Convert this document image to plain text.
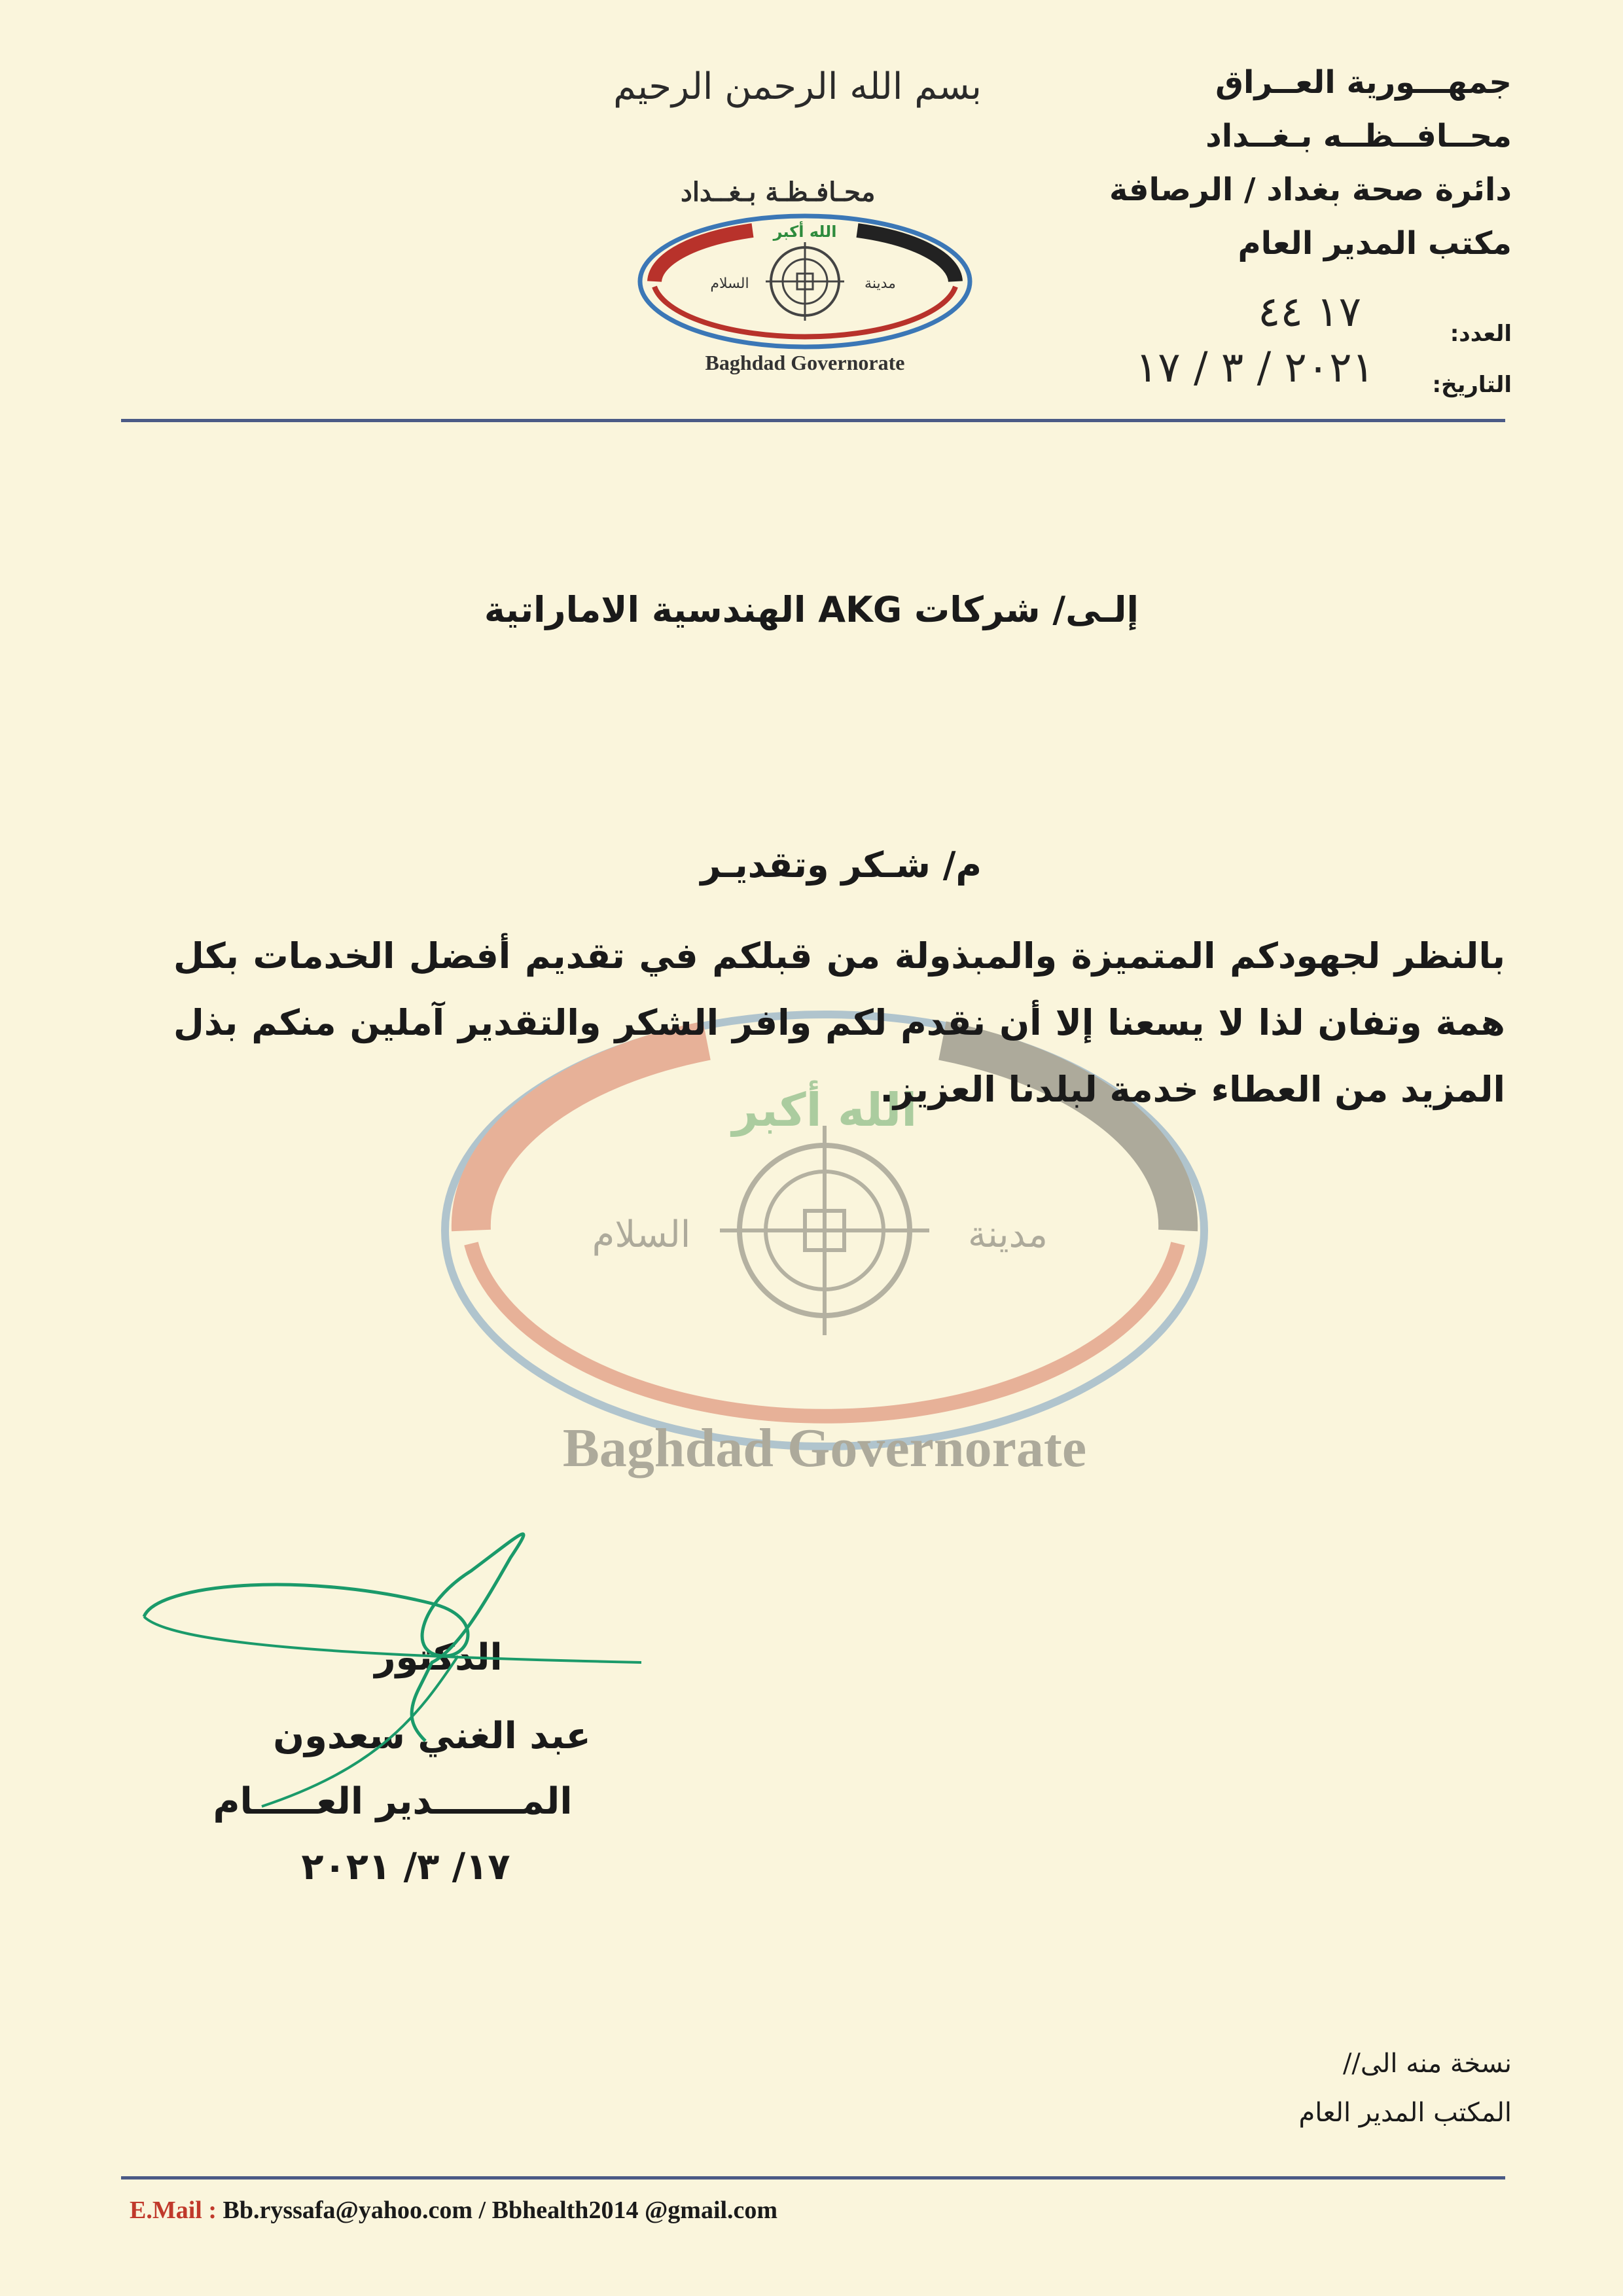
جمهـــورية العــراق
محــافــظــه بـغــداد
دائرة صحة بغداد / الرصافة
مكتب المدير العام
العدد:
١٧ ٤٤
التاريخ:
٢٠٢١ / ٣ / ١٧
بسم الله الرحمن الرحيم
محـافـظـة بـغــداد
الله أكبر
السلام	مدينة
Baghdad Governorate
الله أكبر
السلام	مدينة
Baghdad Governorate
إلـى/ شركات AKG الهندسية الاماراتية
م/ شـكر وتقديـر
بالنظر لجهودكم المتميزة والمبذولة من قبلكم في تقديم أفضل الخدمات بكل همة وتفان لذا لا يسعنا إلا أن نقدم لكم وافر الشكر والتقدير آملين منكم بذل المزيد من العطاء خدمة لبلدنا العزيز.
الدكتور
عبد الغني سعدون
المـــــــدير العـــــام
١٧/ ٣/ ٢٠٢١
نسخة منه الى//
المكتب المدير العام
E.Mail : Bb.ryssafa@yahoo.com / Bbhealth2014 @gmail.com
